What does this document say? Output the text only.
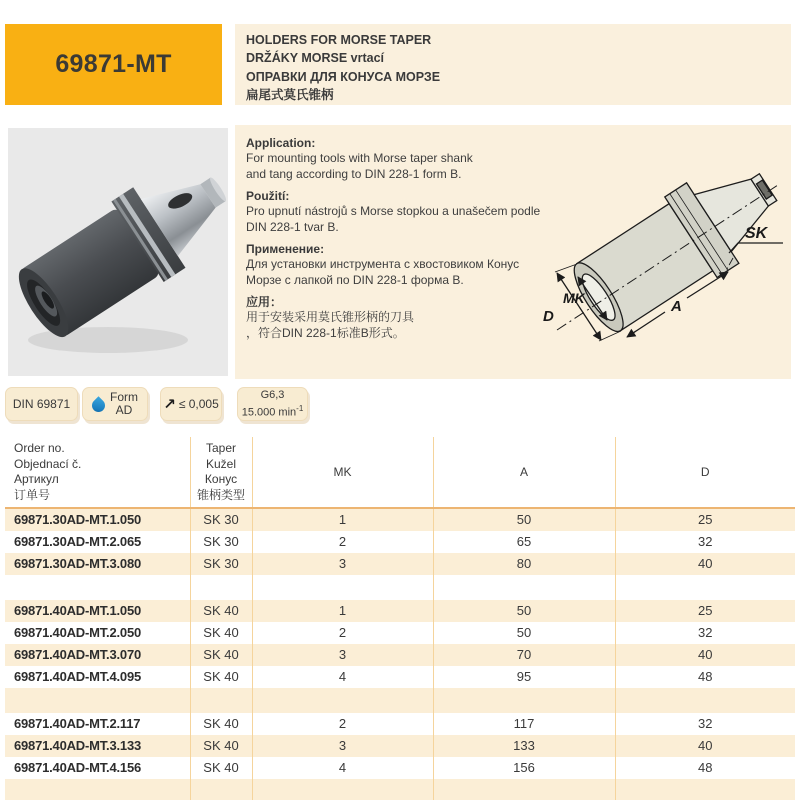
69871-MT
HOLDERS FOR MORSE TAPER
DRŽÁKY MORSE vrtací
ОПРАВКИ ДЛЯ КОНУСА МОРЗЕ
扁尾式莫氏锥柄
Application:
For mounting tools with Morse taper shank
and tang according to DIN 228-1 form B.
Použití:
Pro upnutí nástrojů s Morse stopkou a unašečem podle
DIN 228-1 tvar B.
Применение:
Для установки инструмента с хвостовиком Конус
Морзе с лапкой по DIN 228-1 форма B.
应用：
用于安装采用莫氏锥形柄的刀具
，符合DIN 228-1标准B形式。
D
MK	A
SK
DIN 69871	Form
AD ↗ ≤ 0,005
G6,3
15.000 $\min^{-1}$
Order no.
Objednací č.
Артикул
订单号

Taper
Kužel
Конус
锥柄类型
	MK	A	D
69871.30AD-MT.1.050	SK 30	1	50	25
69871.30AD-MT.2.065	SK 30	2	65	32
69871.30AD-MT.3.080	SK 30	3	80	40

69871.40AD-MT.1.050	SK 40	1	50	25
69871.40AD-MT.2.050	SK 40	2	50	32
69871.40AD-MT.3.070	SK 40	3	70	40
69871.40AD-MT.4.095	SK 40	4	95	48

69871.40AD-MT.2.117	SK 40	2	117	32
69871.40AD-MT.3.133	SK 40	3	133	40
69871.40AD-MT.4.156	SK 40	4	156	48
